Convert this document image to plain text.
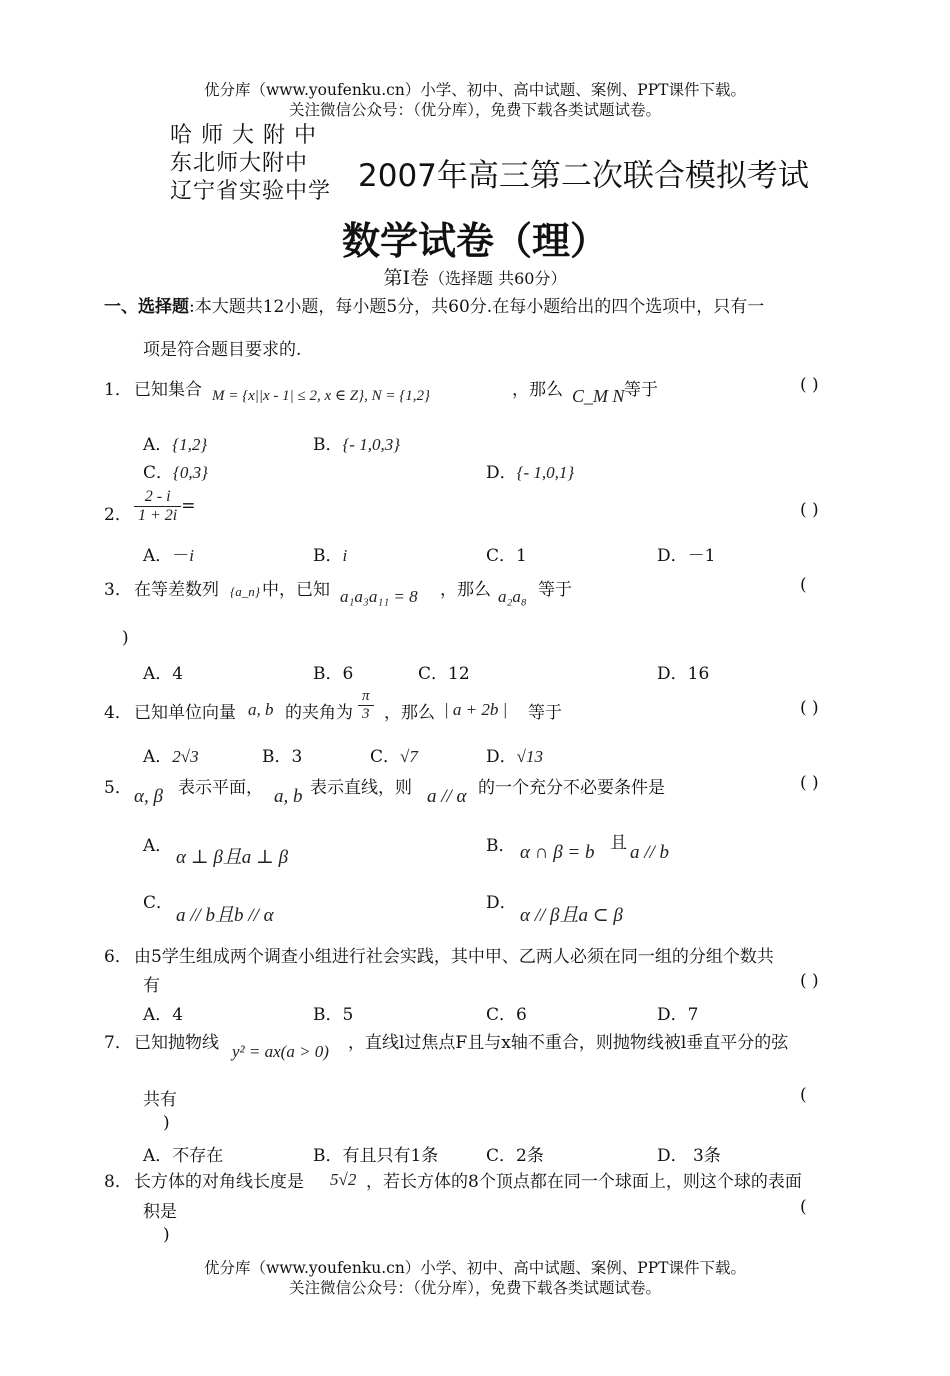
优分库（www.youfenku.cn）小学、初中、高中试题、案例、PPT课件下载。
关注微信公众号：（优分库），免费下载各类试题试卷。
哈 师 大 附 中
东北师大附中
辽宁省实验中学 2007年高三第二次联合模拟考试
数学试卷（理）
第Ⅰ卷（选择题 共60分）
一、选择题:本大题共12小题，每小题5分，共60分.在每小题给出的四个选项中，只有一
项是符合题目要求的.
1． 已知集合 M = {x||x - 1| ≤ 2, x ∈ Z}, N = {1,2}	，那么 C_M N 等于	( )
A．{1,2}	B．{- 1,0,3}
C．{0,3}	D．{- 1,0,1}
2． $\frac{2 - i}{1 + 2i}$ =	( )
A．－i	B．i	C．1	D．－1
3． 在等差数列 {a_n} 中，已知 a₁a₃a₁₁ = 8 ，那么 a₂a₈ 等于	(
)
A．4	B．6	C．12	D．16
4． 已知单位向量 a, b 的夹角为 $\frac{\pi}{3}$ ，那么 | a + 2b | 等于	( )
A．2√3	B．3	C．√7	D．√13
5． α, β 表示平面， a, b 表示直线，则 a // α 的一个充分不必要条件是	( )
A．
α ⊥ β且a ⊥ β
B． α ∩ β = b 且 a // b
C．
a // b且b // α
D．
α // β且a ⊂ β
6． 由5学生组成两个调查小组进行社会实践，其中甲、乙两人必须在同一组的分组个数共
有	( )
A．4	B．5	C．6	D．7
7． 已知抛物线 y² = ax(a > 0) ，直线l过焦点F且与x轴不重合，则抛物线被l垂直平分的弦
共有	(
)
A．不存在	B．有且只有1条	C．2条	D． 3条
8． 长方体的对角线长度是 5√2 ，若长方体的8个顶点都在同一个球面上，则这个球的表面
积是	(
)
优分库（www.youfenku.cn）小学、初中、高中试题、案例、PPT课件下载。
关注微信公众号：（优分库），免费下载各类试题试卷。
